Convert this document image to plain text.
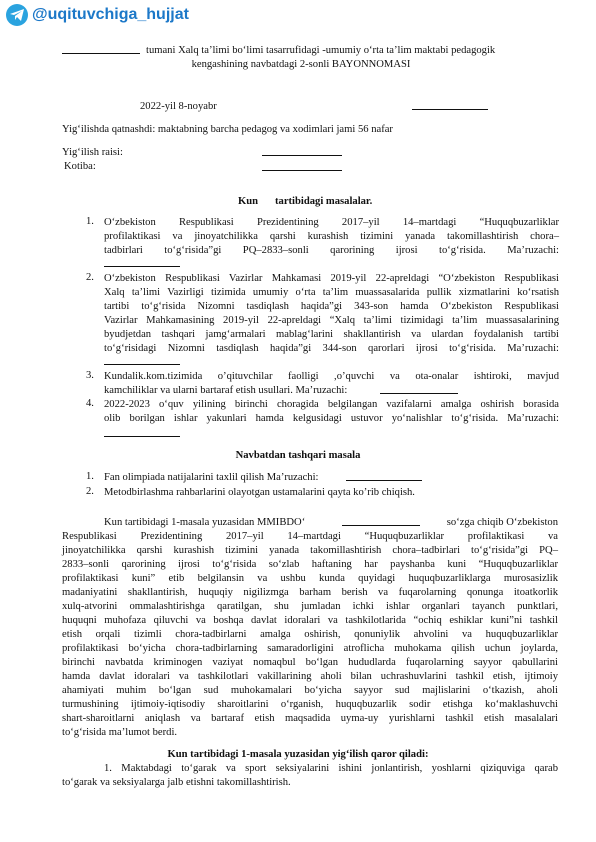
@uqituvchiga_hujjat

tumani Xalq ta’limi bo‘limi tasarrufidagi -umumiy o‘rta ta’lim maktabi pedagogik

kengashining navbatdagi 2-sonli BAYONNOMASI

2022-yil 8-noyabr

Yig‘ilishda qatnashdi: maktabning barcha pedagog va xodimlari jami 56 nafar

Yig‘ilish raisi:

Kotiba:

Kun tartibidagi masalalar.

1. O‘zbekiston Respublikasi Prezidentining 2017–yil 14–martdagi “Huquqbuzarliklar

profilaktikasi va jinoyatchilikka qarshi kurashish tizimini yanada takomillashtirish chora–

tadbirlari to‘g‘risida”gi PQ–2833–sonli qarorining ijrosi to‘g‘risida. Ma’ruzachi:

2. O‘zbekiston Respublikasi Vazirlar Mahkamasi 2019-yil 22-apreldagi “O‘zbekiston Respublikasi

Xalq ta’limi Vazirligi tizimida umumiy o‘rta ta’lim muassasalarida pullik xizmatlarini ko‘rsatish

tartibi to‘g‘risida Nizomni tasdiqlash haqida”gi 343-son hamda O‘zbekiston Respublikasi

Vazirlar Mahkamasining 2019-yil 22-apreldagi “Xalq ta’limi tizimidagi ta’lim muassasalarining

byudjetdan tashqari jamg‘armalari mablag‘larini shakllantirish va ulardan foydalanish tartibi

to‘g‘risidagi Nizomni tasdiqlash haqida”gi 344-son qarorlari ijrosi to‘g‘risida. Ma’ruzachi:

3. Kundalik.kom.tizimida o’qituvchilar faolligi ,o’quvchi va ota-onalar ishtiroki, mavjud

kamchiliklar va ularni bartaraf etish usullari. Ma’ruzachi:

4. 2022-2023 o‘quv yilining birinchi choragida belgilangan vazifalarni amalga oshirish borasida

olib borilgan ishlar yakunlari hamda kelgusidagi ustuvor yo‘nalishlar to‘g‘risida. Ma’ruzachi:

Navbatdan tashqari masala

1. Fan olimpiada natijalarini taxlil qilish Ma’ruzachi:

2. Metodbirlashma rahbarlarini olayotgan ustamalarini qayta ko’rib chiqish.

Kun tartibidagi 1-masala yuzasidan MMIBDO‘	so‘zga chiqib O‘zbekiston

Respublikasi Prezidentining 2017–yil 14–martdagi “Huquqbuzarliklar profilaktikasi va

jinoyatchilikka qarshi kurashish tizimini yanada takomillashtirish chora–tadbirlari to‘g‘risida”gi PQ–

2833–sonli qarorining ijrosi to‘g‘risida so‘zlab haftaning har payshanba kuni “Huquqbuzarliklar

profilaktikasi kuni” etib belgilansin va ushbu kunda quyidagi huquqbuzarliklarga murosasizlik

madaniyatini shakllantirish, huquqiy nigilizmga barham berish va fuqarolarning qonunga itoatkorlik

xulq-atvorini ommalashtirishga qaratilgan, shu jumladan ichki ishlar organlari tayanch punktlari,

huquqni muhofaza qiluvchi va boshqa davlat idoralari va tashkilotlarida “ochiq eshiklar kuni”ni tashkil

etish orqali tizimli chora-tadbirlarni amalga oshirish, qonuniylik ahvolini va huquqbuzarliklar

profilaktikasi bo‘yicha chora-tadbirlarning samaradorligini atroflicha muhokama qilish uchun joylarda,

birinchi navbatda kriminogen vaziyat nomaqbul bo‘lgan hududlarda fuqarolarning sayyor qabullarini

hamda davlat idoralari va tashkilotlari vakillarining aholi bilan uchrashuvlarini tashkil etish, ijtimoiy

ahamiyati muhim bo‘lgan sud muhokamalari bo‘yicha sayyor sud majlislarini o‘tkazish, aholi

turmushining ijtimoiy-iqtisodiy sharoitlarini o‘rganish, huquqbuzarlik sodir etishga ko‘maklashuvchi

shart-sharoitlarni aniqlash va bartaraf etish maqsadida uyma-uy yurishlarni tashkil etish masalalari

to‘g‘risida ma’lumot berdi.

Kun tartibidagi 1-masala yuzasidan yig‘ilish qaror qiladi:

1. Maktabdagi to‘garak va sport seksiyalarini ishini jonlantirish, yoshlarni qiziquviga qarab

to‘garak va seksiyalarga jalb etishni takomillashtirish.
